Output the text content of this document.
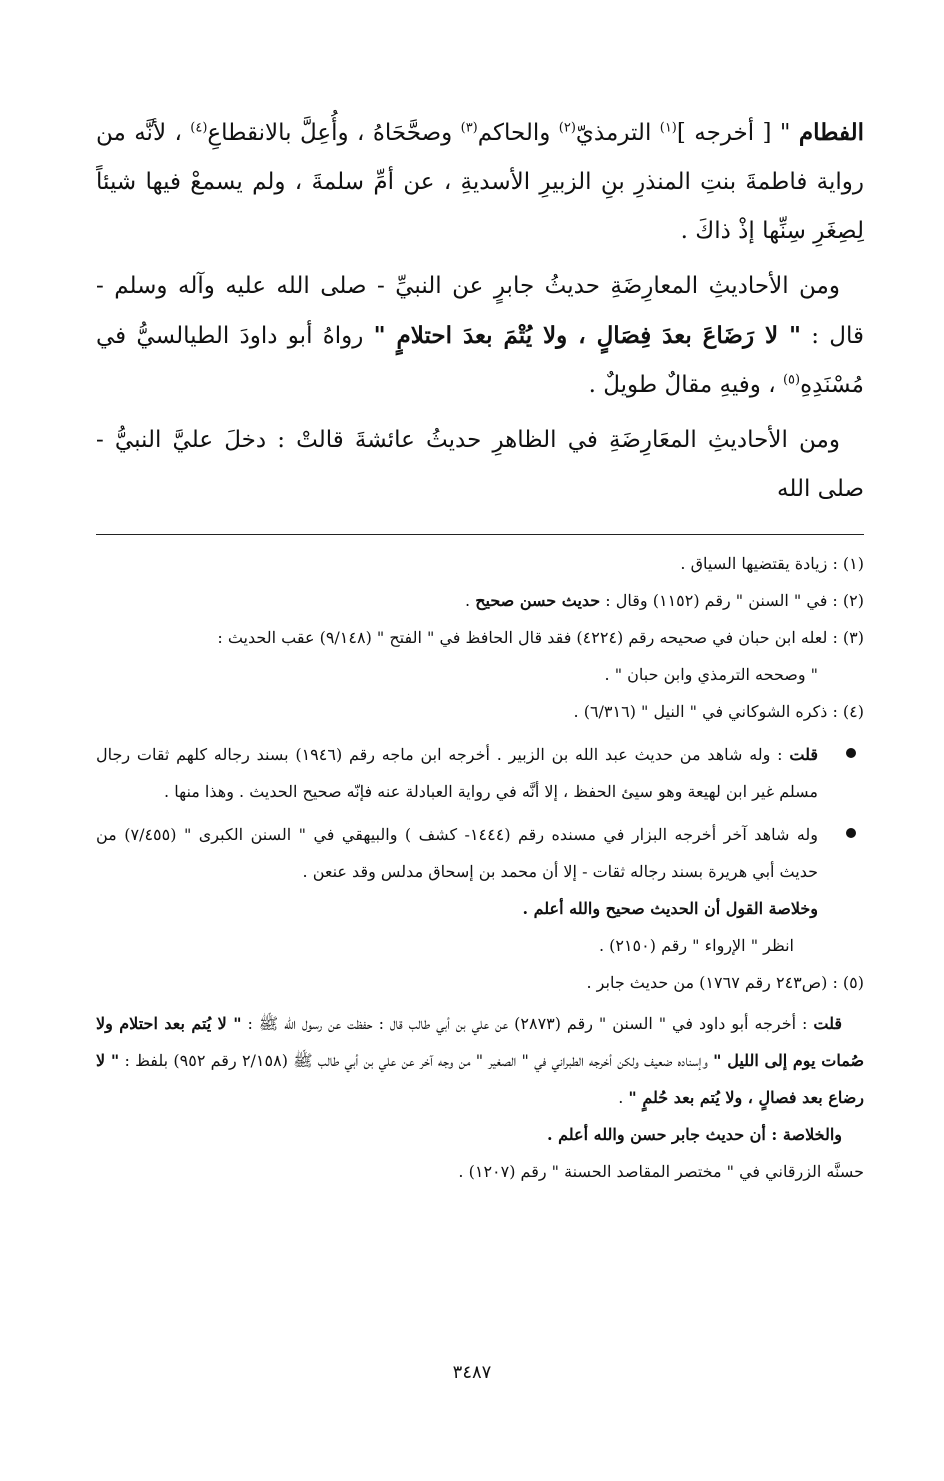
الفطام " [ أخرجه ]$^{(١)}$ الترمذيّ$^{(٢)}$ والحاكم$^{(٣)}$ وصحَّحَاهُ ، وأُعِلَّ بالانقطاعِ$^{(٤)}$ ، لأنَّه من رواية فاطمةَ بنتِ المنذرِ بنِ الزبيرِ الأسديةِ ، عن أمِّ سلمةَ ، ولم يسمعْ فيها شيئاً لِصِغَرِ سِنِّها إذْ ذاكَ .

ومن الأحاديثِ المعارِضَةِ حديثُ جابرٍ عن النبيِّ - صلى الله عليه وآله وسلم - قال : " لا رَضَاعَ بعدَ فِصَالٍ ، ولا يُتْمَ بعدَ احتلامٍ " رواهُ أبو داودَ الطيالسيُّ في مُسْنَدِهِ$^{(٥)}$ ، وفيهِ مقالٌ طويلٌ .

ومن الأحاديثِ المعَارِضَةِ في الظاهرِ حديثُ عائشةَ قالتْ : دخلَ عليَّ النبيُّ - صلى الله

(١) : زيادة يقتضيها السياق .

(٢) : في " السنن " رقم (١١٥٢) وقال : حديث حسن صحيح .

(٣) : لعله ابن حبان في صحيحه رقم (٤٢٢٤) فقد قال الحافظ في " الفتح " (٩/١٤٨) عقب الحديث :

" وصححه الترمذي وابن حبان " .

(٤) : ذكره الشوكاني في " النيل " (٦/٣١٦) .

قلت : وله شاهد من حديث عبد الله بن الزبير . أخرجه ابن ماجه رقم (١٩٤٦) بسند رجاله كلهم ثقات رجال مسلم غير ابن لهيعة وهو سيئ الحفظ ، إلا أنَّه في رواية العبادلة عنه فإنّه صحيح الحديث . وهذا منها .
وله شاهد آخر أخرجه البزار في مسنده رقم (١٤٤٤- كشف ) والبيهقي في " السنن الكبرى " (٧/٤٥٥) من حديث أبي هريرة بسند رجاله ثقات - إلا أن محمد بن إسحاق مدلس وقد عنعن .

وخلاصة القول أن الحديث صحيح والله أعلم .

انظر " الإرواء " رقم (٢١٥٠) .

(٥) : (ص٢٤٣ رقم ١٧٦٧) من حديث جابر .

قلت : أخرجه أبو داود في " السنن " رقم (٢٨٧٣) عن علي بن أبي طالب قال : حفظت عن رسول الله ﷺ : " لا يُتم بعد احتلام ولا صُمات يوم إلى الليل " وإسناده ضعيف ولكن أخرجه الطبراني في " الصغير " من وجه آخر عن علي بن أبي طالب ﷺ (٢/١٥٨ رقم ٩٥٢) بلفظ : " لا رضاع بعد فصالٍ ، ولا يُتم بعد حُلمٍ " .

والخلاصة : أن حديث جابر حسن والله أعلم .

حسنَّه الزرقاني في " مختصر المقاصد الحسنة " رقم (١٢٠٧) .

٣٤٨٧
